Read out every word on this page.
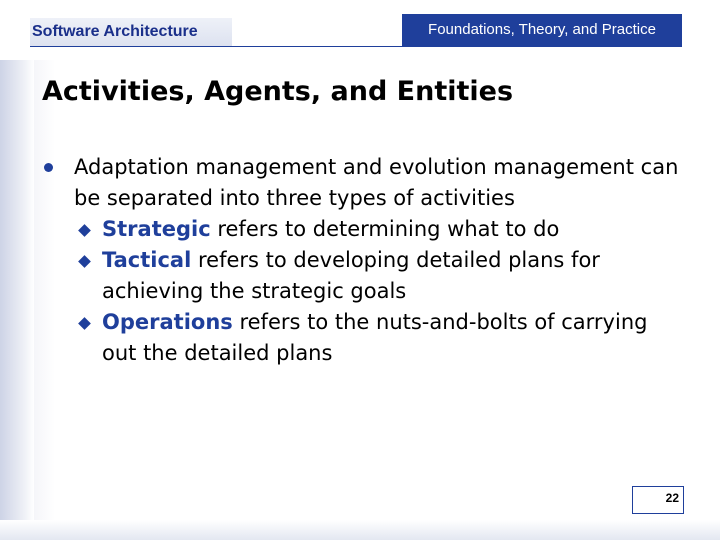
Software Architecture	Foundations, Theory, and Practice
Activities, Agents, and Entities
Adaptation management and evolution management can
be separated into three types of activities
Strategic refers to determining what to do
Tactical refers to developing detailed plans for
achieving the strategic goals
Operations refers to the nuts-and-bolts of carrying
out the detailed plans
22
